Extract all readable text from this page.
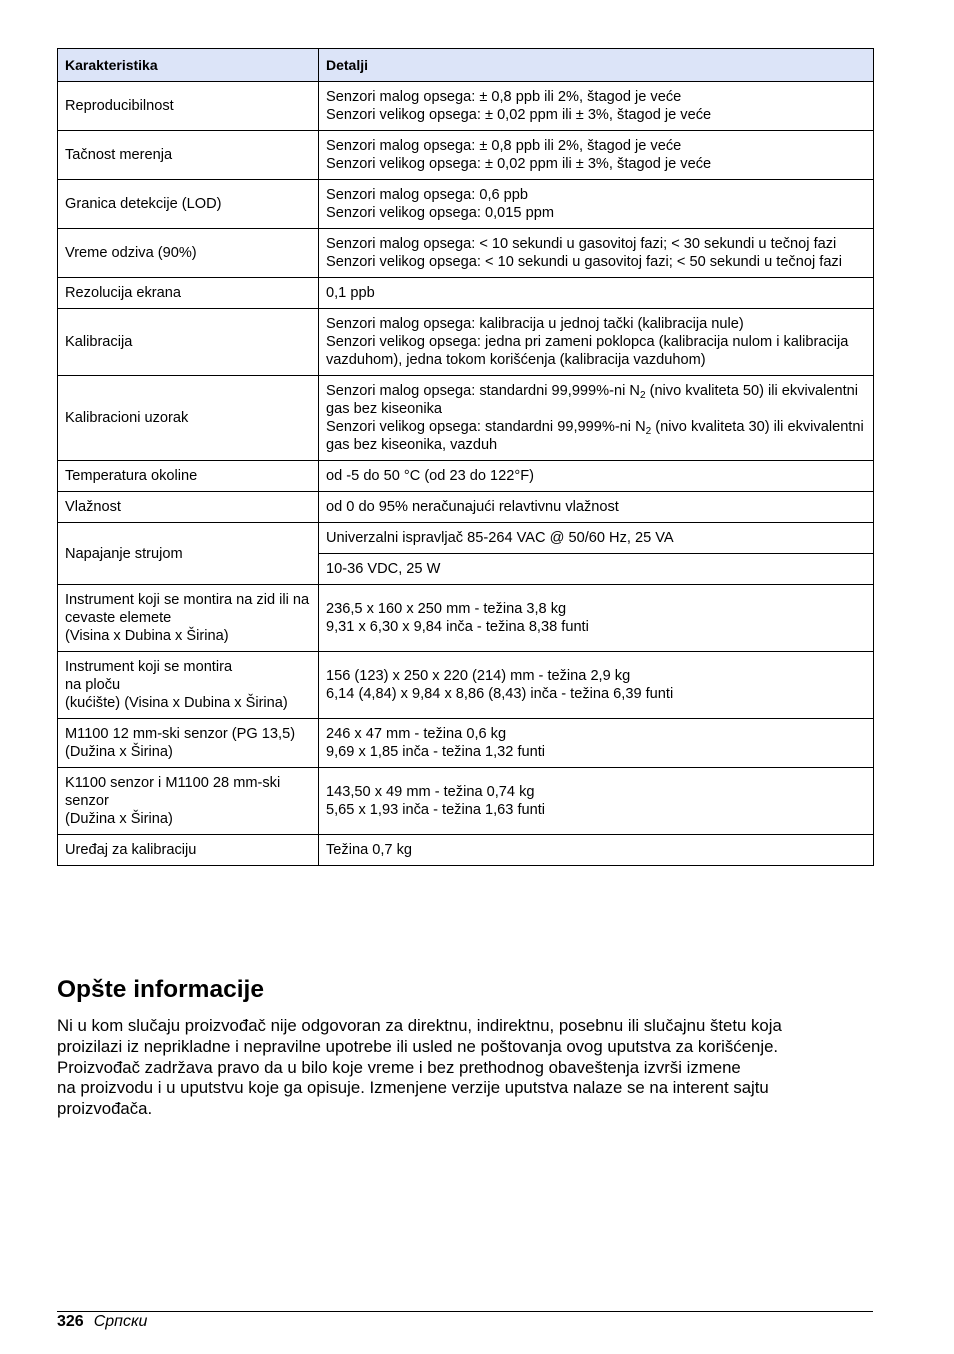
Karakteristika	Detalji
Reproducibilnost	Senzori malog opsega: ± 0,8 ppb ili 2%, štagod je veće
Senzori velikog opsega: ± 0,02 ppm ili ± 3%, štagod je veće

Tačnost merenja	Senzori malog opsega: ± 0,8 ppb ili 2%, štagod je veće
Senzori velikog opsega: ± 0,02 ppm ili ± 3%, štagod je veće

Granica detekcije (LOD)	Senzori malog opsega: 0,6 ppb
Senzori velikog opsega: 0,015 ppm

Vreme odziva (90%)	Senzori malog opsega: < 10 sekundi u gasovitoj fazi; < 30 sekundi u tečnoj fazi
Senzori velikog opsega: < 10 sekundi u gasovitoj fazi; < 50 sekundi u tečnoj fazi

Rezolucija ekrana	0,1 ppb

Kalibracija	Senzori malog opsega: kalibracija u jednoj tački (kalibracija nule)
Senzori velikog opsega: jedna pri zameni poklopca (kalibracija nulom i kalibracija vazduhom), jedna tokom korišćenja (kalibracija vazduhom)

Kalibracioni uzorak	Senzori malog opsega: standardni 99,999%-ni $N_2$ (nivo kvaliteta 50) ili ekvivalentni gas bez kiseonika
Senzori velikog opsega: standardni 99,999%-ni $N_2$ (nivo kvaliteta 30) ili ekvivalentni gas bez kiseonika, vazduh

Temperatura okoline	od -5 do 50 °C (od 23 do 122°F)

Vlažnost	od 0 do 95% neračunajući relavtivnu vlažnost

Napajanje strujom	Univerzalni ispravljač 85-264 VAC @ 50/60 Hz, 25 VA
	10-36 VDC, 25 W

Instrument koji se montira na zid ili na cevaste elemete
(Visina x Dubina x Širina)	236,5 x 160 x 250 mm - težina 3,8 kg
9,31 x 6,30 x 9,84 inča - težina 8,38 funti

Instrument koji se montira
na ploču
(kućište) (Visina x Dubina x Širina)	156 (123) x 250 x 220 (214) mm - težina 2,9 kg
6,14 (4,84) x 9,84 x 8,86 (8,43) inča - težina 6,39 funti

M1100 12 mm-ski senzor (PG 13,5)
(Dužina x Širina)	246 x 47 mm - težina 0,6 kg
9,69 x 1,85 inča - težina 1,32 funti

K1100 senzor i M1100 28 mm-ski senzor
(Dužina x Širina)	143,50 x 49 mm - težina 0,74 kg
5,65 x 1,93 inča - težina 1,63 funti

Uređaj za kalibraciju	Težina 0,7 kg
Opšte informacije

Ni u kom slučaju proizvođač nije odgovoran za direktnu, indirektnu, posebnu ili slučajnu štetu koja
proizilazi iz neprikladne i nepravilne upotrebe ili usled ne poštovanja ovog uputstva za korišćenje.
Proizvođač zadržava pravo da u bilo koje vreme i bez prethodnog obaveštenja izvrši izmene
na proizvodu i u uputstvu koje ga opisuje. Izmenjene verzije uputstva nalaze se na interent sajtu
proizvođača.

326 Српски
